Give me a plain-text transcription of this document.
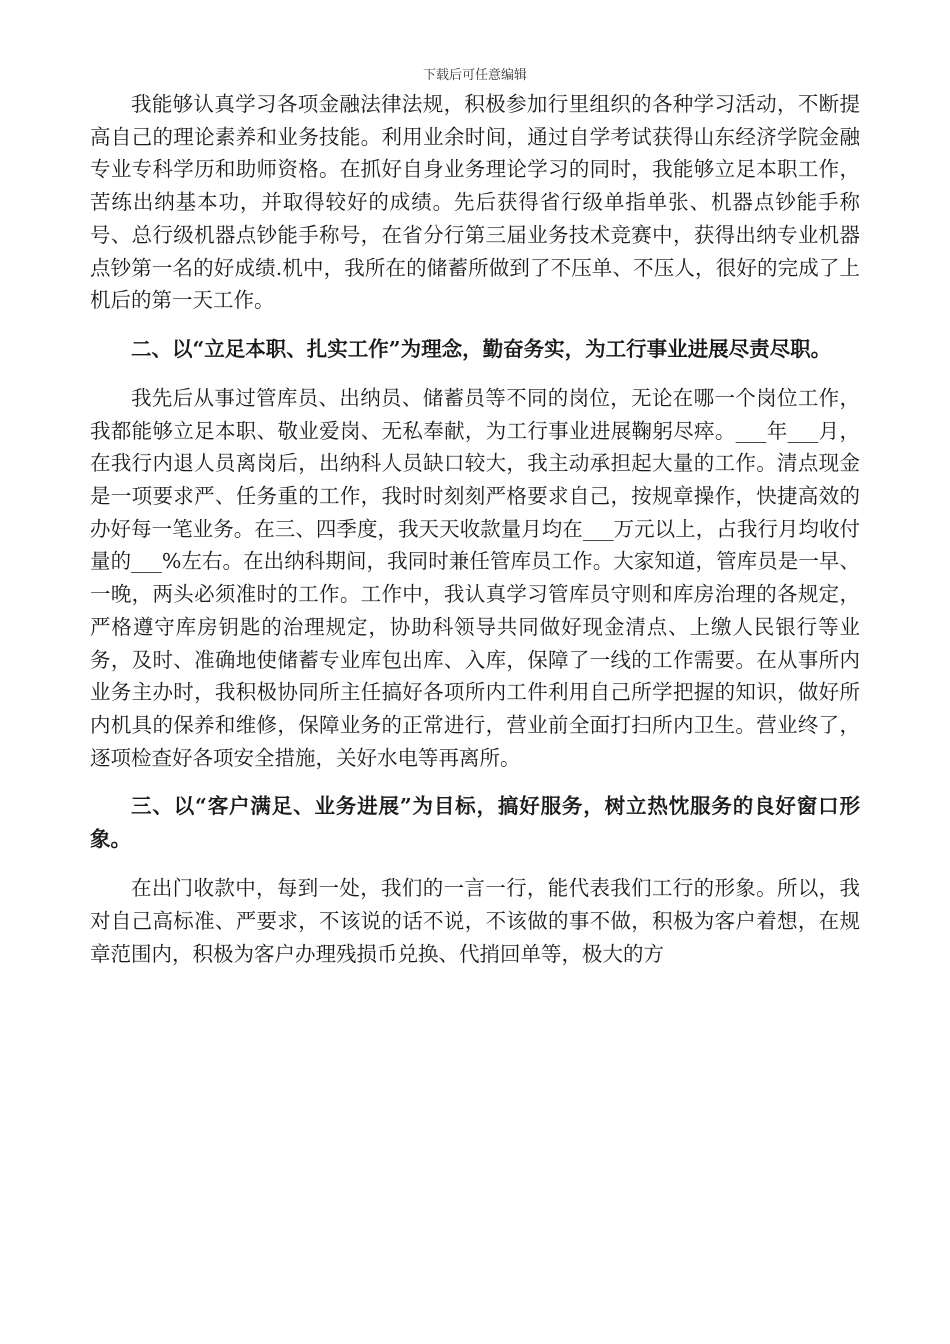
下载后可任意编辑

我能够认真学习各项金融法律法规，积极参加行里组织的各种学习活动，不断提高自己的理论素养和业务技能。利用业余时间，通过自学考试获得山东经济学院金融专业专科学历和助师资格。在抓好自身业务理论学习的同时，我能够立足本职工作，苦练出纳基本功，并取得较好的成绩。先后获得省行级单指单张、机器点钞能手称号、总行级机器点钞能手称号，在省分行第三届业务技术竞赛中，获得出纳专业机器点钞第一名的好成绩.机中，我所在的储蓄所做到了不压单、不压人，很好的完成了上机后的第一天工作。

二、以“立足本职、扎实工作”为理念，勤奋务实，为工行事业进展尽责尽职。

我先后从事过管库员、出纳员、储蓄员等不同的岗位，无论在哪一个岗位工作，我都能够立足本职、敬业爱岗、无私奉献，为工行事业进展鞠躬尽瘁。___年___月，在我行内退人员离岗后，出纳科人员缺口较大，我主动承担起大量的工作。清点现金是一项要求严、任务重的工作，我时时刻刻严格要求自己，按规章操作，快捷高效的办好每一笔业务。在三、四季度，我天天收款量月均在___万元以上，占我行月均收付量的___%左右。在出纳科期间，我同时兼任管库员工作。大家知道，管库员是一早、一晚，两头必须准时的工作。工作中，我认真学习管库员守则和库房治理的各规定，严格遵守库房钥匙的治理规定，协助科领导共同做好现金清点、上缴人民银行等业务，及时、准确地使储蓄专业库包出库、入库，保障了一线的工作需要。在从事所内业务主办时，我积极协同所主任搞好各项所内工件利用自己所学把握的知识，做好所内机具的保养和维修，保障业务的正常进行，营业前全面打扫所内卫生。营业终了，逐项检查好各项安全措施，关好水电等再离所。

三、以“客户满足、业务进展”为目标，搞好服务，树立热忱服务的良好窗口形象。

在出门收款中，每到一处，我们的一言一行，能代表我们工行的形象。所以，我对自己高标准、严要求，不该说的话不说，不该做的事不做，积极为客户着想，在规章范围内，积极为客户办理残损币兑换、代捎回单等，极大的方
